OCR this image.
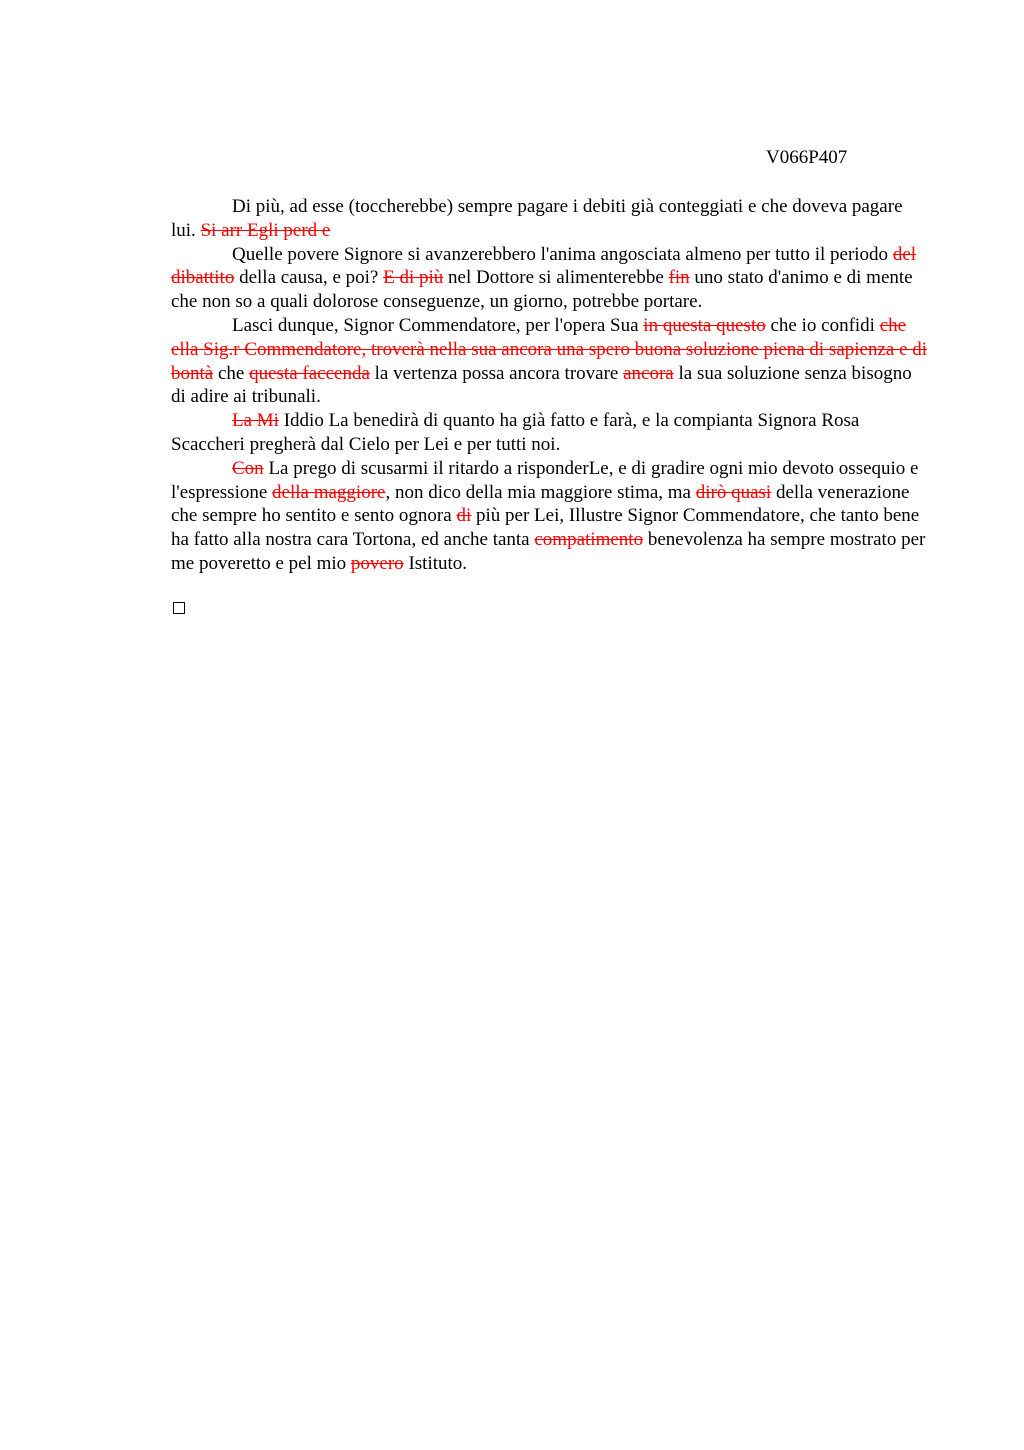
V066P407

Di più, ad esse (toccherebbe) sempre pagare i debiti già conteggiati e che doveva pagare lui. Si arr Egli perd e

Quelle povere Signore si avanzerebbero l'anima angosciata almeno per tutto il periodo del dibattito della causa, e poi? E di più nel Dottore si alimenterebbe fin uno stato d'animo e di mente che non so a quali dolorose conseguenze, un giorno, potrebbe portare.

Lasci dunque, Signor Commendatore, per l'opera Sua in questa questo che io confidi che ella Sig.r Commendatore, troverà nella sua ancora una spero buona soluzione piena di sapienza e di bontà che questa faccenda la vertenza possa ancora trovare ancora la sua soluzione senza bisogno di adire ai tribunali.

La Mi Iddio La benedirà di quanto ha già fatto e farà, e la compianta Signora Rosa Scaccheri pregherà dal Cielo per Lei e per tutti noi.

Con La prego di scusarmi il ritardo a risponderLe, e di gradire ogni mio devoto ossequio e l'espressione della maggiore, non dico della mia maggiore stima, ma dirò quasi della venerazione che sempre ho sentito e sento ognora di più per Lei, Illustre Signor Commendatore, che tanto bene ha fatto alla nostra cara Tortona, ed anche tanta compatimento benevolenza ha sempre mostrato per me poveretto e pel mio povero Istituto.
